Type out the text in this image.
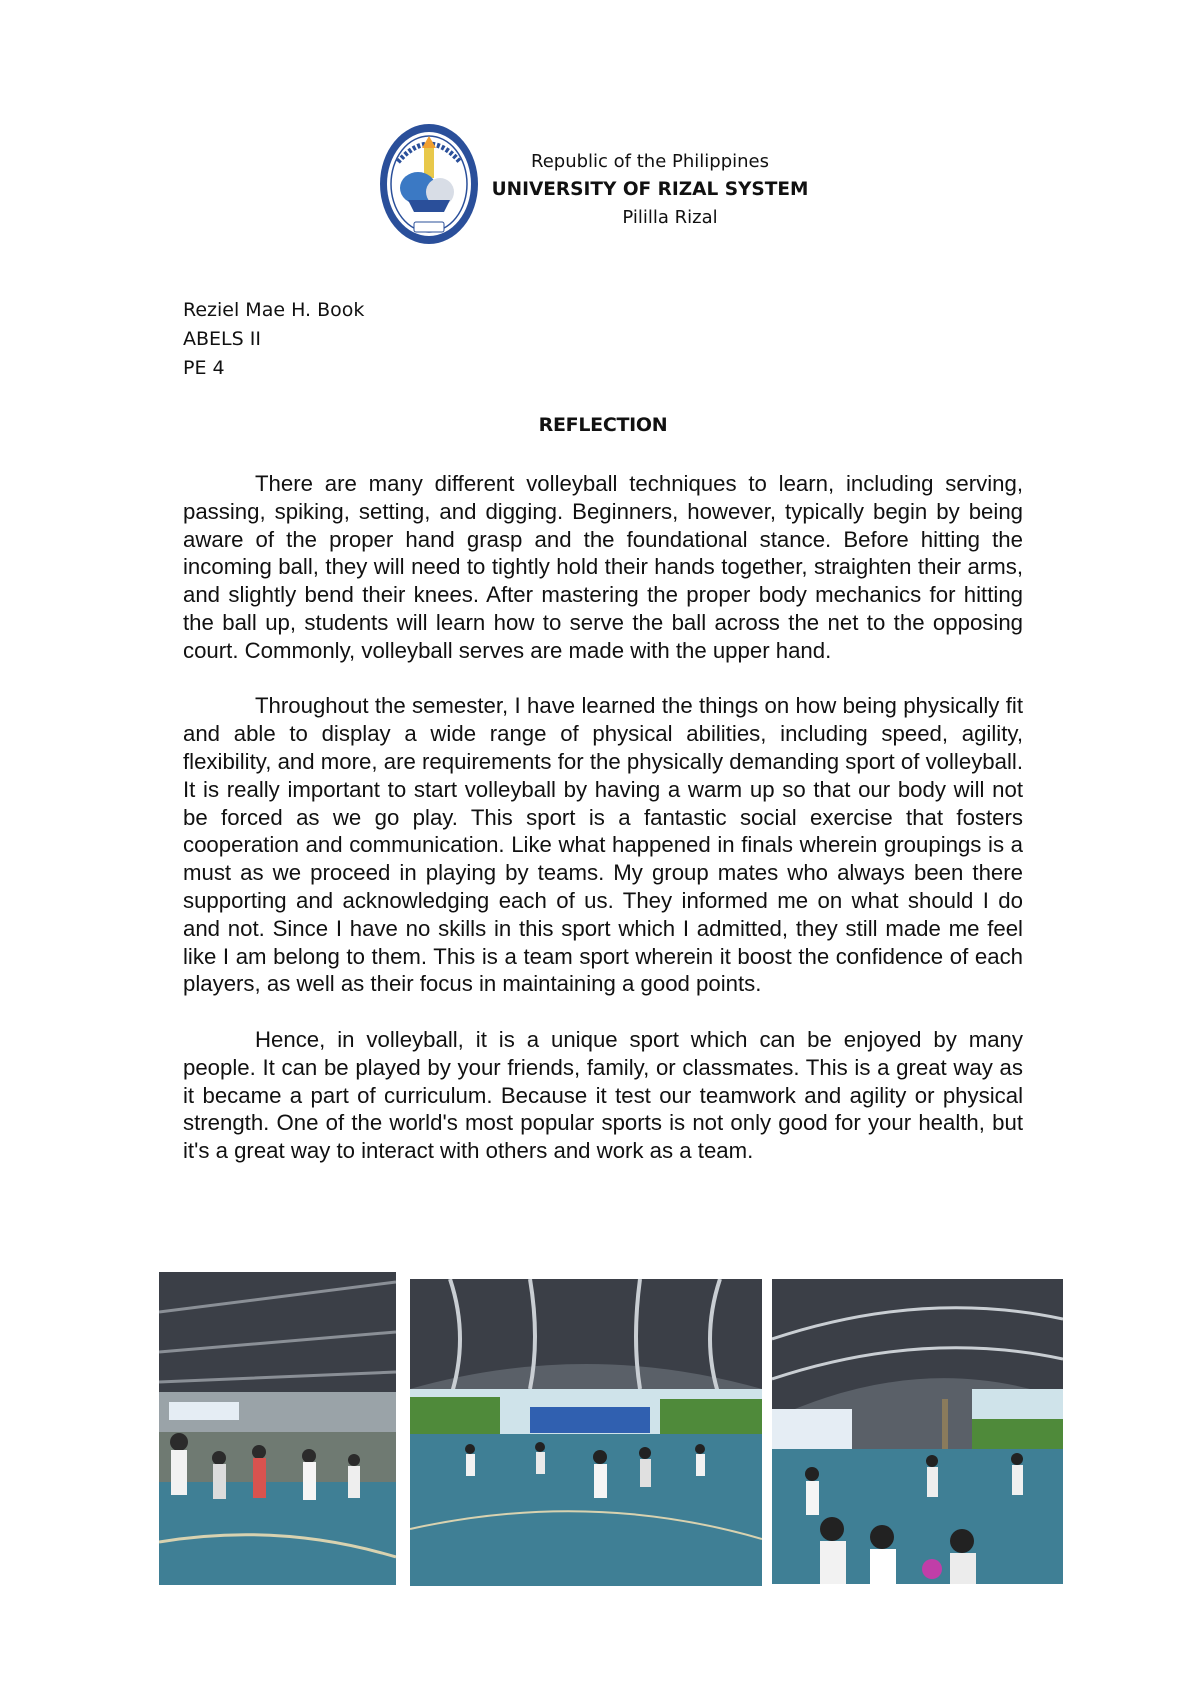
Republic of the Philippines
UNIVERSITY OF RIZAL SYSTEM
Pililla Rizal
Reziel Mae H. Book
ABELS II
PE 4
REFLECTION

There are many different volleyball techniques to learn, including serving, passing, spiking, setting, and digging. Beginners, however, typically begin by being aware of the proper hand grasp and the foundational stance. Before hitting the incoming ball, they will need to tightly hold their hands together, straighten their arms, and slightly bend their knees. After mastering the proper body mechanics for hitting the ball up, students will learn how to serve the ball across the net to the opposing court. Commonly, volleyball serves are made with the upper hand.

Throughout the semester, I have learned the things on how being physically fit and able to display a wide range of physical abilities, including speed, agility, flexibility, and more, are requirements for the physically demanding sport of volleyball. It is really important to start volleyball by having a warm up so that our body will not be forced as we go play. This sport is a fantastic social exercise that fosters cooperation and communication. Like what happened in finals wherein groupings is a must as we proceed in playing by teams. My group mates who always been there supporting and acknowledging each of us. They informed me on what should I do and not. Since I have no skills in this sport which I admitted, they still made me feel like I am belong to them. This is a team sport wherein it boost the confidence of each players, as well as their focus in maintaining a good points.

Hence, in volleyball, it is a unique sport which can be enjoyed by many people. It can be played by your friends, family, or classmates. This is a great way as it became a part of curriculum. Because it test our teamwork and agility or physical strength. One of the world's most popular sports is not only good for your health, but it's a great way to interact with others and work as a team.
